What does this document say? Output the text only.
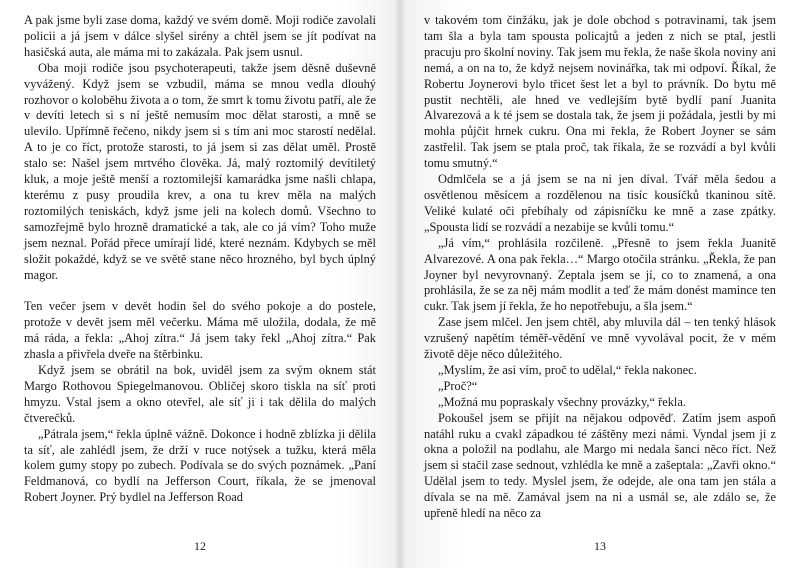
A pak jsme byli zase doma, každý ve svém domě. Moji rodiče zavolali policii a já jsem v dálce slyšel sirény a chtěl jsem se jít podívat na hasičská auta, ale máma mi to zakázala. Pak jsem usnul.

Oba moji rodiče jsou psychoterapeuti, takže jsem děsně duševně vyvážený. Když jsem se vzbudil, máma se mnou vedla dlouhý rozhovor o koloběhu života a o tom, že smrt k tomu životu patří, ale že v devíti letech si s ní ještě nemusím moc dělat starosti, a mně se ulevilo. Upřímně řečeno, nikdy jsem si s tím ani moc starostí nedělal. A to je co říct, protože starosti, to já jsem si zas dělat uměl. Prostě stalo se: Našel jsem mrtvého člověka. Já, malý roztomilý devítiletý kluk, a moje ještě menší a roztomilejší kamarádka jsme našli chlapa, kterému z pusy proudila krev, a ona tu krev měla na malých roztomilých teniskách, když jsme jeli na kolech domů. Všechno to samozřejmě bylo hrozně dramatické a tak, ale co já vím? Toho muže jsem neznal. Pořád přece umírají lidé, které neznám. Kdybych se měl složit pokaždé, když se ve světě stane něco hrozného, byl bych úplný magor.

Ten večer jsem v devět hodin šel do svého pokoje a do postele, protože v devět jsem měl večerku. Máma mě uložila, dodala, že mě má ráda, a řekla: „Ahoj zítra.“ Já jsem taky řekl „Ahoj zítra.“ Pak zhasla a přivřela dveře na štěrbinku.

Když jsem se obrátil na bok, uviděl jsem za svým oknem stát Margo Rothovou Spiegelmanovou. Obličej skoro tiskla na síť proti hmyzu. Vstal jsem a okno otevřel, ale síť ji i tak dělila do malých čtverečků.

„Pátrala jsem,“ řekla úplně vážně. Dokonce i hodně zblízka ji dělila ta síť, ale zahlédl jsem, že drží v ruce notýsek a tužku, která měla kolem gumy stopy po zubech. Podívala se do svých poznámek. „Paní Feldmanová, co bydlí na Jefferson Court, říkala, že se jmenoval Robert Joyner. Prý bydlel na Jefferson Road

12

v takovém tom činžáku, jak je dole obchod s potravinami, tak jsem tam šla a byla tam spousta policajtů a jeden z nich se ptal, jestli pracuju pro školní noviny. Tak jsem mu řekla, že naše škola noviny ani nemá, a on na to, že když nejsem novinářka, tak mi odpoví. Říkal, že Robertu Joynerovi bylo třicet šest let a byl to právník. Do bytu mě pustit nechtěli, ale hned ve vedlejším bytě bydlí paní Juanita Alvarezová a k té jsem se dostala tak, že jsem ji požádala, jestli by mi mohla půjčit hrnek cukru. Ona mi řekla, že Robert Joyner se sám zastřelil. Tak jsem se ptala proč, tak říkala, že se rozvádí a byl kvůli tomu smutný.“

Odmlčela se a já jsem se na ni jen díval. Tvář měla šedou a osvětlenou měsícem a rozdělenou na tisíc kousíčků tkaninou sítě. Veliké kulaté oči přebíhaly od zápisníčku ke mně a zase zpátky. „Spousta lidí se rozvádí a nezabije se kvůli tomu.“

„Já vím,“ prohlásila rozčileně. „Přesně to jsem řekla Juanitě Alvarezové. A ona pak řekla…“ Margo otočila stránku. „Řekla, že pan Joyner byl nevyrovnaný. Zeptala jsem se jí, co to znamená, a ona prohlásila, že se za něj mám modlit a teď že mám donést mamince ten cukr. Tak jsem jí řekla, že ho nepotřebuju, a šla jsem.“

Zase jsem mlčel. Jen jsem chtěl, aby mluvila dál – ten tenký hlások vzrušený napětím téměř-vědění ve mně vyvolával pocit, že v mém životě děje něco důležitého.

„Myslím, že asi vím, proč to udělal,“ řekla nakonec.

„Proč?“

„Možná mu popraskaly všechny provázky,“ řekla.

Pokoušel jsem se přijít na nějakou odpověď. Zatím jsem aspoň natáhl ruku a cvakl západkou té záštěny mezi námi. Vyndal jsem ji z okna a položil na podlahu, ale Margo mi nedala šanci něco říct. Než jsem si stačil zase sednout, vzhlédla ke mně a zašeptala: „Zavři okno.“ Udělal jsem to tedy. Myslel jsem, že odejde, ale ona tam jen stála a dívala se na mě. Zamával jsem na ni a usmál se, ale zdálo se, že upřeně hledí na něco za

13
